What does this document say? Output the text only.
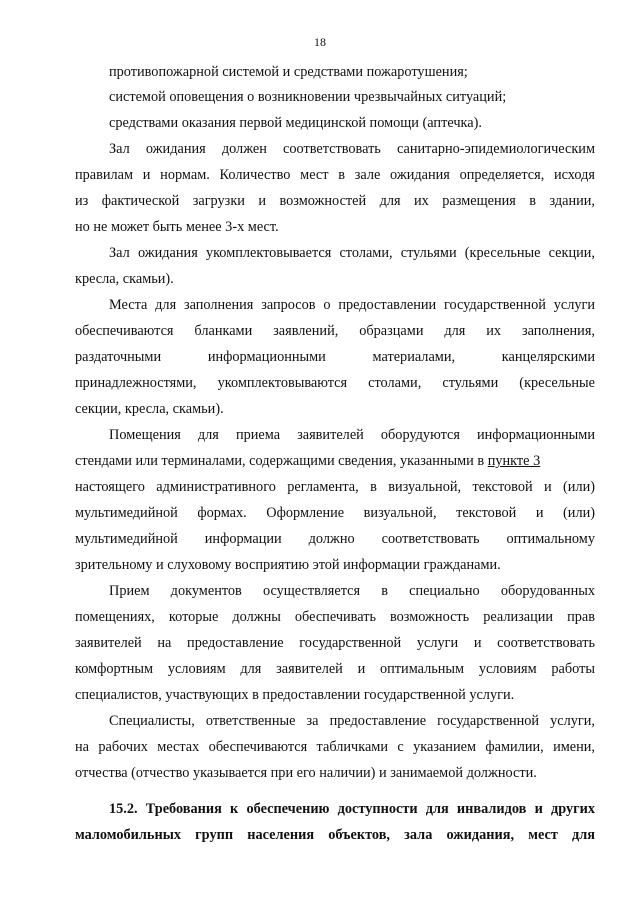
18
противопожарной системой и средствами пожаротушения;
системой оповещения о возникновении чрезвычайных ситуаций;
средствами оказания первой медицинской помощи (аптечка).
Зал ожидания должен соответствовать санитарно-эпидемиологическим
правилам и нормам. Количество мест в зале ожидания определяется, исходя
из фактической загрузки и возможностей для их размещения в здании,
но не может быть менее 3-х мест.
Зал ожидания укомплектовывается столами, стульями (кресельные секции,
кресла, скамьи).
Места для заполнения запросов о предоставлении государственной услуги
обеспечиваются бланками заявлений, образцами для их заполнения,
раздаточными информационными материалами, канцелярскими
принадлежностями, укомплектовываются столами, стульями (кресельные
секции, кресла, скамьи).
Помещения для приема заявителей оборудуются информационными
стендами или терминалами, содержащими сведения, указанными в пункте 3
настоящего административного регламента, в визуальной, текстовой и (или)
мультимедийной формах. Оформление визуальной, текстовой и (или)
мультимедийной информации должно соответствовать оптимальному
зрительному и слуховому восприятию этой информации гражданами.
Прием документов осуществляется в специально оборудованных
помещениях, которые должны обеспечивать возможность реализации прав
заявителей на предоставление государственной услуги и соответствовать
комфортным условиям для заявителей и оптимальным условиям работы
специалистов, участвующих в предоставлении государственной услуги.
Специалисты, ответственные за предоставление государственной услуги,
на рабочих местах обеспечиваются табличками с указанием фамилии, имени,
отчества (отчество указывается при его наличии) и занимаемой должности.
15.2. Требования к обеспечению доступности для инвалидов и других
маломобильных групп населения объектов, зала ожидания, мест для
